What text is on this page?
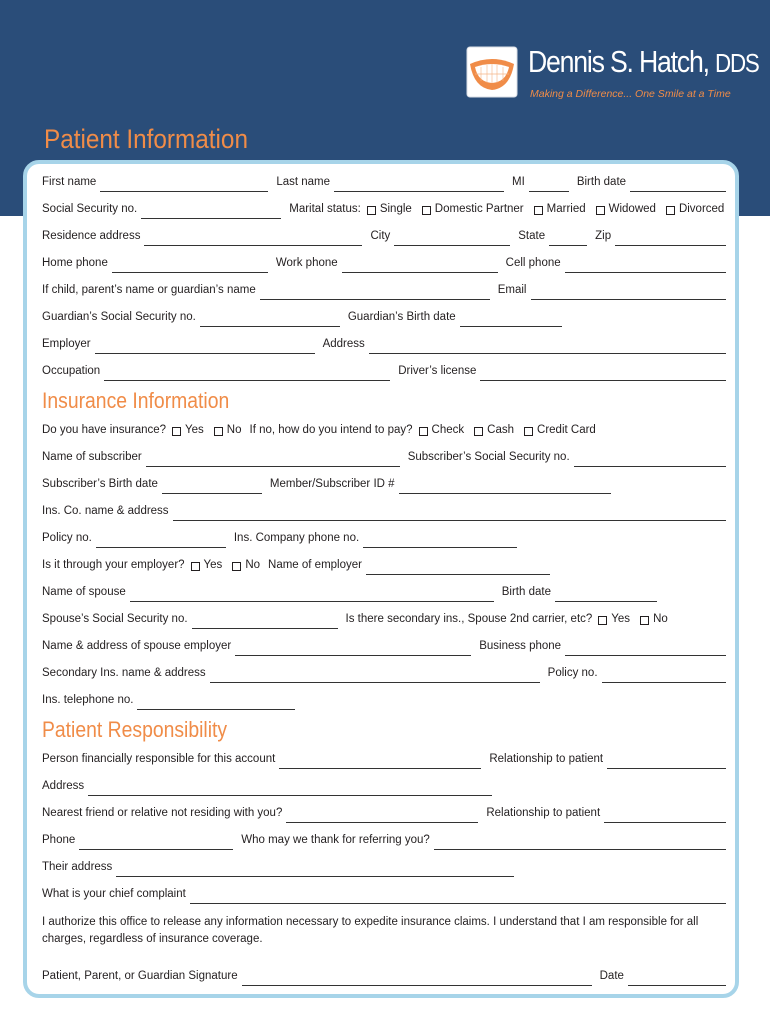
Dennis S. Hatch, DDS
Making a Difference... One Smile at a Time
Patient Information
First name	Last name	MI	Birth date
Social Security no.	Marital status: Single Domestic Partner Married Widowed Divorced
Residence address	City	State	Zip
Home phone	Work phone	Cell phone
If child, parent’s name or guardian’s name	Email
Guardian’s Social Security no.	Guardian’s Birth date
Employer	Address
Occupation	Driver’s license
Insurance Information
Do you have insurance? Yes No If no, how do you intend to pay? Check Cash Credit Card
Name of subscriber	Subscriber’s Social Security no.
Subscriber’s Birth date	Member/Subscriber ID #
Ins. Co. name & address
Policy no.	Ins. Company phone no.
Is it through your employer? Yes No Name of employer
Name of spouse	Birth date
Spouse’s Social Security no.	Is there secondary ins., Spouse 2nd carrier, etc? Yes No
Name & address of spouse employer	Business phone
Secondary Ins. name & address	Policy no.
Ins. telephone no.
Patient Responsibility
Person financially responsible for this account	Relationship to patient
Address
Nearest friend or relative not residing with you?	Relationship to patient
Phone	Who may we thank for referring you?
Their address
What is your chief complaint
I authorize this office to release any information necessary to expedite insurance claims. I understand that I am responsible for all charges, regardless of insurance coverage.
Patient, Parent, or Guardian Signature	Date
